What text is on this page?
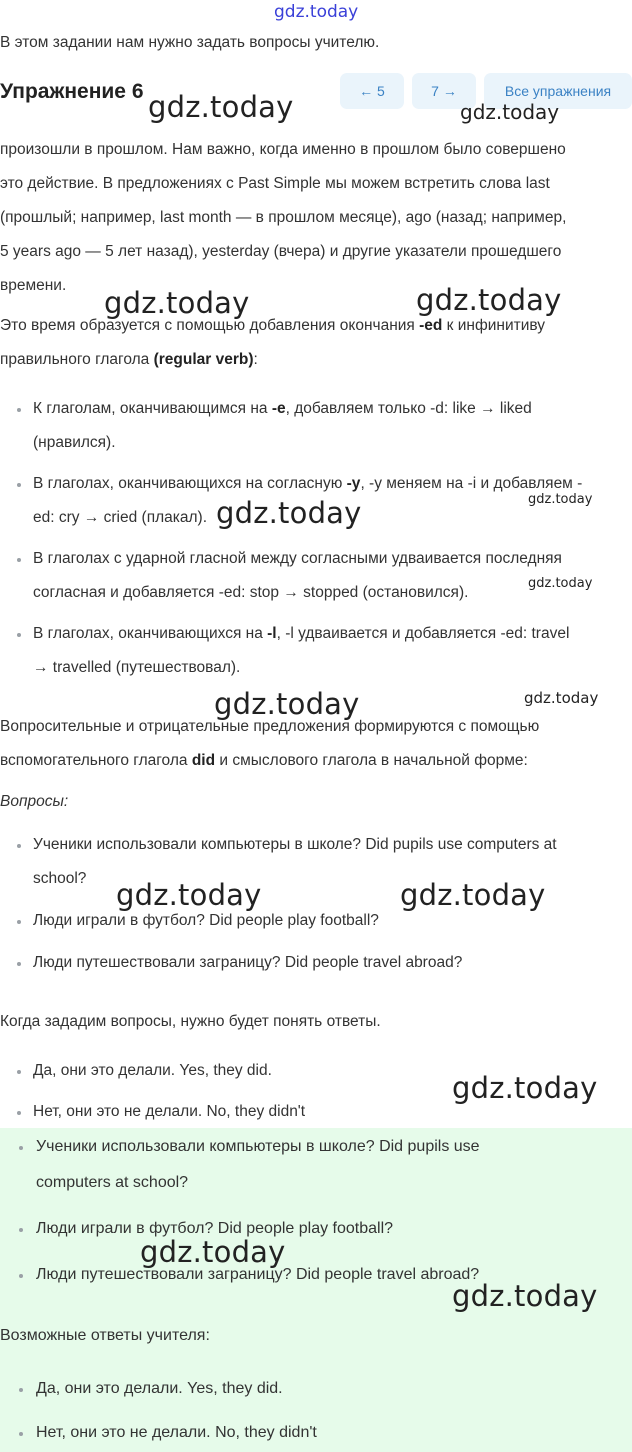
gdz.today
В этом задании нам нужно задать вопросы учителю.
Упражнение 6	← 5	7 →	Все упражнения
произошли в прошлом. Нам важно, когда именно в прошлом было совершено
это действие. В предложениях с Past Simple мы можем встретить слова last
(прошлый; например, last month — в прошлом месяце), ago (назад; например,
5 years ago — 5 лет назад), yesterday (вчера) и другие указатели прошедшего
времени.
Это время образуется с помощью добавления окончания -ed к инфинитиву
правильного глагола (regular verb):
К глаголам, оканчивающимся на -e, добавляем только -d: like → liked
(нравился).
В глаголах, оканчивающихся на согласную -y, -y меняем на -i и добавляем -
ed: cry → cried (плакал).
В глаголах с ударной гласной между согласными удваивается последняя
согласная и добавляется -ed: stop → stopped (остановился).
В глаголах, оканчивающихся на -l, -l удваивается и добавляется -ed: travel
→ travelled (путешествовал).
Вопросительные и отрицательные предложения формируются с помощью
вспомогательного глагола did и смыслового глагола в начальной форме:
Вопросы:
Ученики использовали компьютеры в школе? Did pupils use computers at
school?
Люди играли в футбол? Did people play football?
Люди путешествовали заграницу? Did people travel abroad?
Когда зададим вопросы, нужно будет понять ответы.
Да, они это делали. Yes, they did.
Нет, они это не делали. No, they didn't
Ученики использовали компьютеры в школе? Did pupils use
computers at school?
Люди играли в футбол? Did people play football?
Люди путешествовали заграницу? Did people travel abroad?
Возможные ответы учителя:
Да, они это делали. Yes, they did.
Нет, они это не делали. No, they didn't
gdz.today	gdz.today
gdz.today	gdz.today
gdz.today
gdz.today
gdz.today
gdz.today	gdz.today
gdz.today	gdz.today
gdz.today
gdz.today
gdz.today
